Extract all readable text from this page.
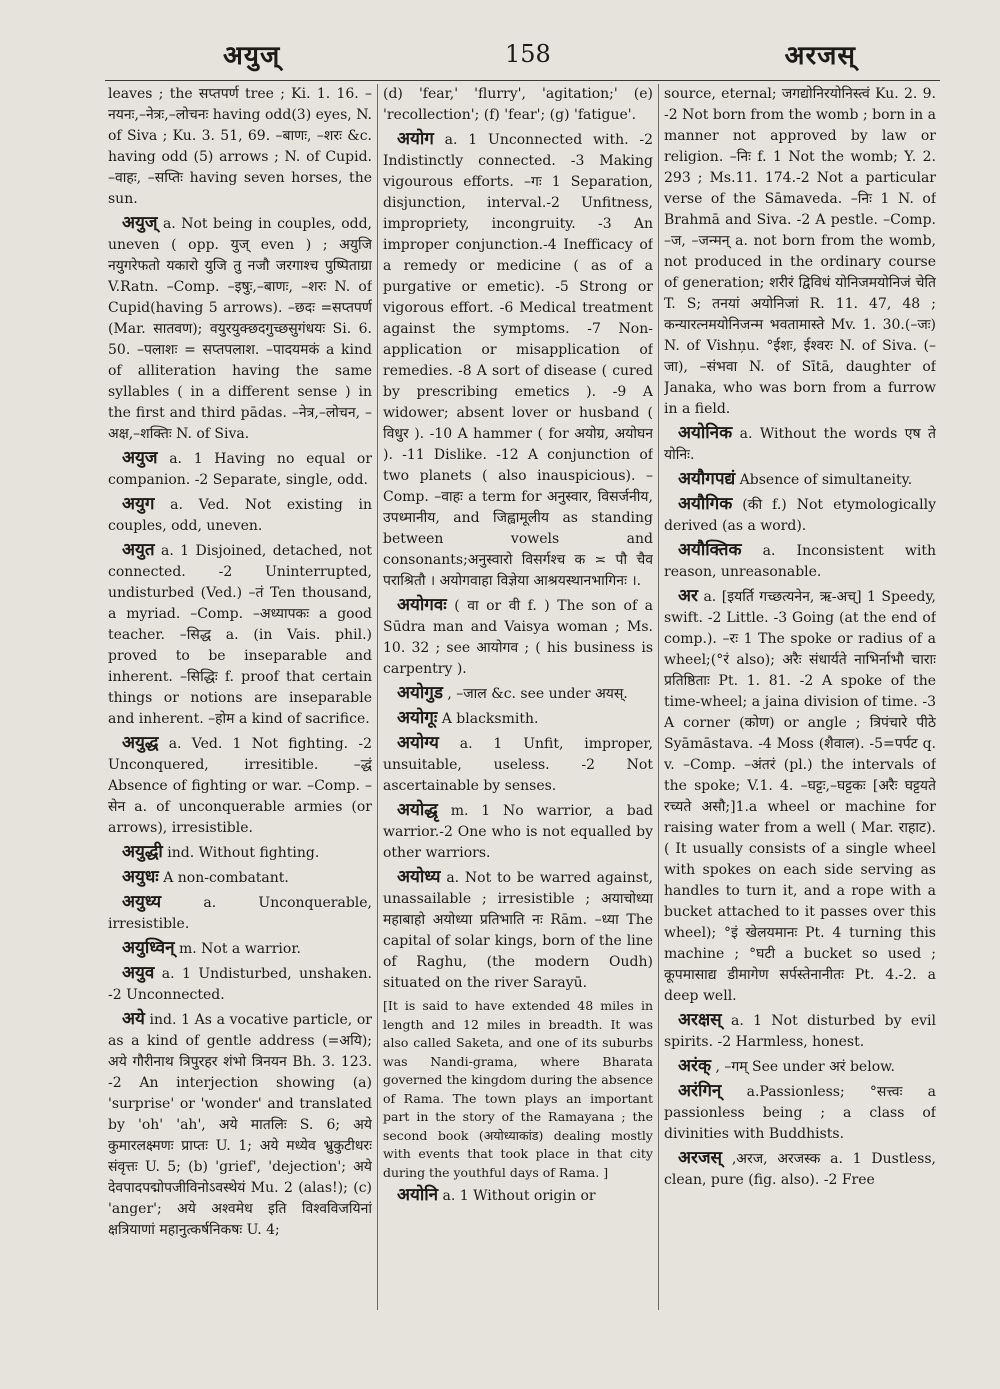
अयुज्	158	अरजस्

leaves ; the सप्तपर्ण tree ; Ki. 1. 16. –नयनः,–नेत्रः,–लोचनः having odd(3) eyes, N. of Siva ; Ku. 3. 51, 69. –बाणः, –शरः &c. having odd (5) arrows ; N. of Cupid. –वाहः, –सप्तिः having seven horses, the sun.

अयुज् a. Not being in couples, odd, uneven ( opp. युज् even ) ; अयुजि नयुगरेफतो यकारो युजि तु नजौ जरगाश्च पुष्पिताग्रा V.Ratn. –Comp. –इषुः,–बाणः, –शरः N. of Cupid(having 5 arrows). –छदः =सप्तपर्ण (Mar. सातवण); वयुरयुक्छदगुच्छसुगंधयः Si. 6. 50. –पलाशः = सप्तपलाश. –पादयमकं a kind of alliteration having the same syllables ( in a different sense ) in the first and third pādas. –नेत्र,–लोचन, –अक्ष,–शक्तिः N. of Siva.

अयुज a. 1 Having no equal or companion. -2 Separate, single, odd.

अयुग a. Ved. Not existing in couples, odd, uneven.

अयुत a. 1 Disjoined, detached, not connected. -2 Uninterrupted, undisturbed (Ved.) –तं Ten thousand, a myriad. –Comp. –अध्यापकः a good teacher. –सिद्ध a. (in Vais. phil.) proved to be inseparable and inherent. –सिद्धिः f. proof that certain things or notions are inseparable and inherent. –होम a kind of sacrifice.

अयुद्ध a. Ved. 1 Not fighting. -2 Unconquered, irresitible. –द्धं Absence of fighting or war. –Comp. –सेन a. of unconquerable armies (or arrows), irresistible.

अयुद्धी ind. Without fighting.

अयुधः A non-combatant.

अयुध्य	a. Unconquerable, irresistible.

अयुध्विन् m. Not a warrior.

अयुव a. 1 Undisturbed, unshaken. -2 Unconnected.

अये ind. 1 As a vocative particle, or as a kind of gentle address (=अयि); अये गौरीनाथ त्रिपुरहर शंभो त्रिनयन Bh. 3. 123. -2 An interjection showing (a) 'surprise' or 'wonder' and translated by 'oh' 'ah', अये मातलिः S. 6; अये कुमारलक्ष्मणः प्राप्तः U. 1; अये मध्येव भ्रुकुटीधरः संवृत्तः U. 5; (b) 'grief', 'dejection'; अये देवपादपद्मोपजीविनोऽवस्थेयं Mu. 2 (alas!); (c) 'anger'; अये अश्वमेध इति विश्वविजयिनां क्षत्रियाणां महानुत्कर्षनिकषः U. 4;

(d) 'fear,' 'flurry', 'agitation;' (e) 'recollection'; (f) 'fear'; (g) 'fatigue'.

अयोग a. 1 Unconnected with. -2 Indistinctly connected. -3 Making vigourous efforts. –गः 1 Separation, disjunction, interval.-2 Unfitness, impropriety, incongruity. -3 An improper conjunction.-4 Inefficacy of a remedy or medicine ( as of a purgative or emetic). -5 Strong or vigorous effort. -6 Medical treatment against the symptoms. -7 Non-application or misapplication of remedies. -8 A sort of disease ( cured by prescribing emetics ). -9 A widower; absent lover or husband ( विधुर ). -10 A hammer ( for अयोग्र, अयोघन ). -11 Dislike. -12 A conjunction of two planets ( also inauspicious). –Comp. –वाहः a term for अनुस्वार, विसर्जनीय, उपध्मानीय, and जिह्वामूलीय as standing between vowels and consonants;अनुस्वारो विसर्गश्च क ≍ पौ चैव पराश्रितौ । अयोगवाहा विज्ञेया आश्रयस्थानभागिनः ।.

अयोगवः ( वा or वी f. ) The son of a Sūdra man and Vaisya woman ; Ms. 10. 32 ; see आयोगव ; ( his business is carpentry ).

अयोगुड , –जाल &c. see under अयस्.

अयोगूः A blacksmith.

अयोग्य a. 1 Unfit, improper, unsuitable, useless. -2 Not ascertainable by senses.

अयोद्धृ m. 1 No warrior, a bad warrior.-2 One who is not equalled by other warriors.

अयोध्य a. Not to be warred against, unassailable ; irresistible ; अयाचोध्या महाबाहो अयोध्या प्रतिभाति नः Rām. –ध्या The capital of solar kings, born of the line of Raghu, (the modern Oudh) situated on the river Sarayū.

[It is said to have extended 48 miles in length and 12 miles in breadth. It was also called Saketa, and one of its suburbs was Nandi-grama, where Bharata governed the kingdom during the absence of Rama. The town plays an important part in the story of the Ramayana ; the second book (अयोध्याकांड) dealing mostly with events that took place in that city during the youthful days of Rama. ]

अयोनि a. 1 Without origin or

source, eternal; जगद्योनिरयोनिस्त्वं Ku. 2. 9. -2 Not born from the womb ; born in a manner not approved by law or religion. –निः f. 1 Not the womb; Y. 2. 293 ; Ms.11. 174.-2 Not a particular verse of the Sāmaveda. –निः 1 N. of Brahmā and Siva. -2 A pestle. –Comp. –ज, –जन्मन् a. not born from the womb, not produced in the ordinary course of generation; शरीरं द्विविधं योनिजमयोनिजं चेति T. S; तनयां अयोनिजां R. 11. 47, 48 ; कन्यारत्नमयोनिजन्म भवतामास्ते Mv. 1. 30.(–जः) N. of Vishņu. °ईशः, ईश्वरः N. of Siva. (–जा), –संभवा N. of Sītā, daughter of Janaka, who was born from a furrow in a field.

अयोनिक a. Without the words एष ते योनिः.

अयौगपद्यं Absence of simultaneity.

अयौगिक (की f.) Not etymologically derived (as a word).

अयौक्तिक a. Inconsistent with reason, unreasonable.

अर a. [इयर्ति गच्छत्यनेन, ऋ-अच्] 1 Speedy, swift. -2 Little. -3 Going (at the end of comp.). –रः 1 The spoke or radius of a wheel;(°रं also); अरैः संधार्यते नाभिर्नाभौ चाराः प्रतिष्ठिताः Pt. 1. 81. -2 A spoke of the time-wheel; a jaina division of time. -3 A corner (कोण) or angle ; त्रिपंचारे पीठे Syāmāstava. -4 Moss (शैवाल). -5=पर्पट q. v. –Comp. –अंतरं (pl.) the intervals of the spoke; V.1. 4. –घट्टः,–घट्टकः [अरैः घट्टयते रच्यते असौ;]1.a wheel or machine for raising water from a well ( Mar. राहाट). ( It usually consists of a single wheel with spokes on each side serving as handles to turn it, and a rope with a bucket attached to it passes over this wheel); °इं खेलयमानः Pt. 4 turning this machine ; °घटी a bucket so used ; कूपमासाद्य डीमागेण सर्पस्तेनानीतः Pt. 4.-2. a deep well.

अरक्षस् a. 1 Not disturbed by evil spirits. -2 Harmless, honest.

अरंक् , –गम् See under अरं below.

अरंगिन् a.Passionless; °सत्त्वः a passionless being ; a class of divinities with Buddhists.

अरजस् ,अरज, अरजस्क a. 1 Dustless, clean, pure (fig. also). -2 Free
